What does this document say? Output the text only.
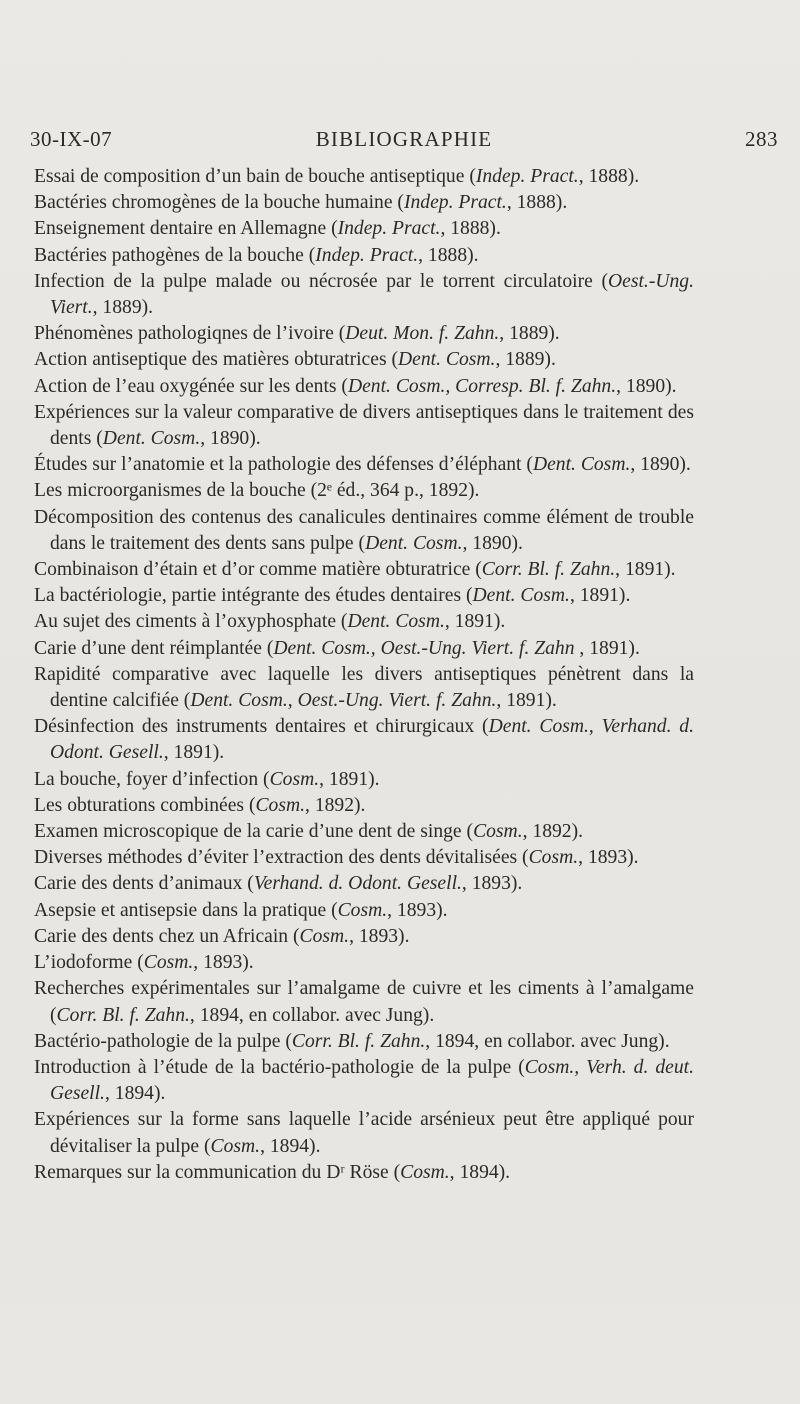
30-IX-07	BIBLIOGRAPHIE	283
Essai de composition d’un bain de bouche antiseptique (Indep. Pract., 1888).
Bactéries chromogènes de la bouche humaine (Indep. Pract., 1888).
Enseignement dentaire en Allemagne (Indep. Pract., 1888).
Bactéries pathogènes de la bouche (Indep. Pract., 1888).
Infection de la pulpe malade ou nécrosée par le torrent circulatoire (Oest.-Ung. Viert., 1889).
Phénomènes pathologiqnes de l’ivoire (Deut. Mon. f. Zahn., 1889).
Action antiseptique des matières obturatrices (Dent. Cosm., 1889).
Action de l’eau oxygénée sur les dents (Dent. Cosm., Corresp. Bl. f. Zahn., 1890).
Expériences sur la valeur comparative de divers antiseptiques dans le traitement des dents (Dent. Cosm., 1890).
Études sur l’anatomie et la pathologie des défenses d’éléphant (Dent. Cosm., 1890).
Les microorganismes de la bouche (2ᵉ éd., 364 p., 1892).
Décomposition des contenus des canalicules dentinaires comme élément de trouble dans le traitement des dents sans pulpe (Dent. Cosm., 1890).
Combinaison d’étain et d’or comme matière obturatrice (Corr. Bl. f. Zahn., 1891).
La bactériologie, partie intégrante des études dentaires (Dent. Cosm., 1891).
Au sujet des ciments à l’oxyphosphate (Dent. Cosm., 1891).
Carie d’une dent réimplantée (Dent. Cosm., Oest.-Ung. Viert. f. Zahn , 1891).
Rapidité comparative avec laquelle les divers antiseptiques pénètrent dans la dentine calcifiée (Dent. Cosm., Oest.-Ung. Viert. f. Zahn., 1891).
Désinfection des instruments dentaires et chirurgicaux (Dent. Cosm., Verhand. d. Odont. Gesell., 1891).
La bouche, foyer d’infection (Cosm., 1891).
Les obturations combinées (Cosm., 1892).
Examen microscopique de la carie d’une dent de singe (Cosm., 1892).
Diverses méthodes d’éviter l’extraction des dents dévitalisées (Cosm., 1893).
Carie des dents d’animaux (Verhand. d. Odont. Gesell., 1893).
Asepsie et antisepsie dans la pratique (Cosm., 1893).
Carie des dents chez un Africain (Cosm., 1893).
L’iodoforme (Cosm., 1893).
Recherches expérimentales sur l’amalgame de cuivre et les ciments à l’amalgame (Corr. Bl. f. Zahn., 1894, en collabor. avec Jung).
Bactério-pathologie de la pulpe (Corr. Bl. f. Zahn., 1894, en collabor. avec Jung).
Introduction à l’étude de la bactério-pathologie de la pulpe (Cosm., Verh. d. deut. Gesell., 1894).
Expériences sur la forme sans laquelle l’acide arsénieux peut être appliqué pour dévitaliser la pulpe (Cosm., 1894).
Remarques sur la communication du Dʳ Röse (Cosm., 1894).
